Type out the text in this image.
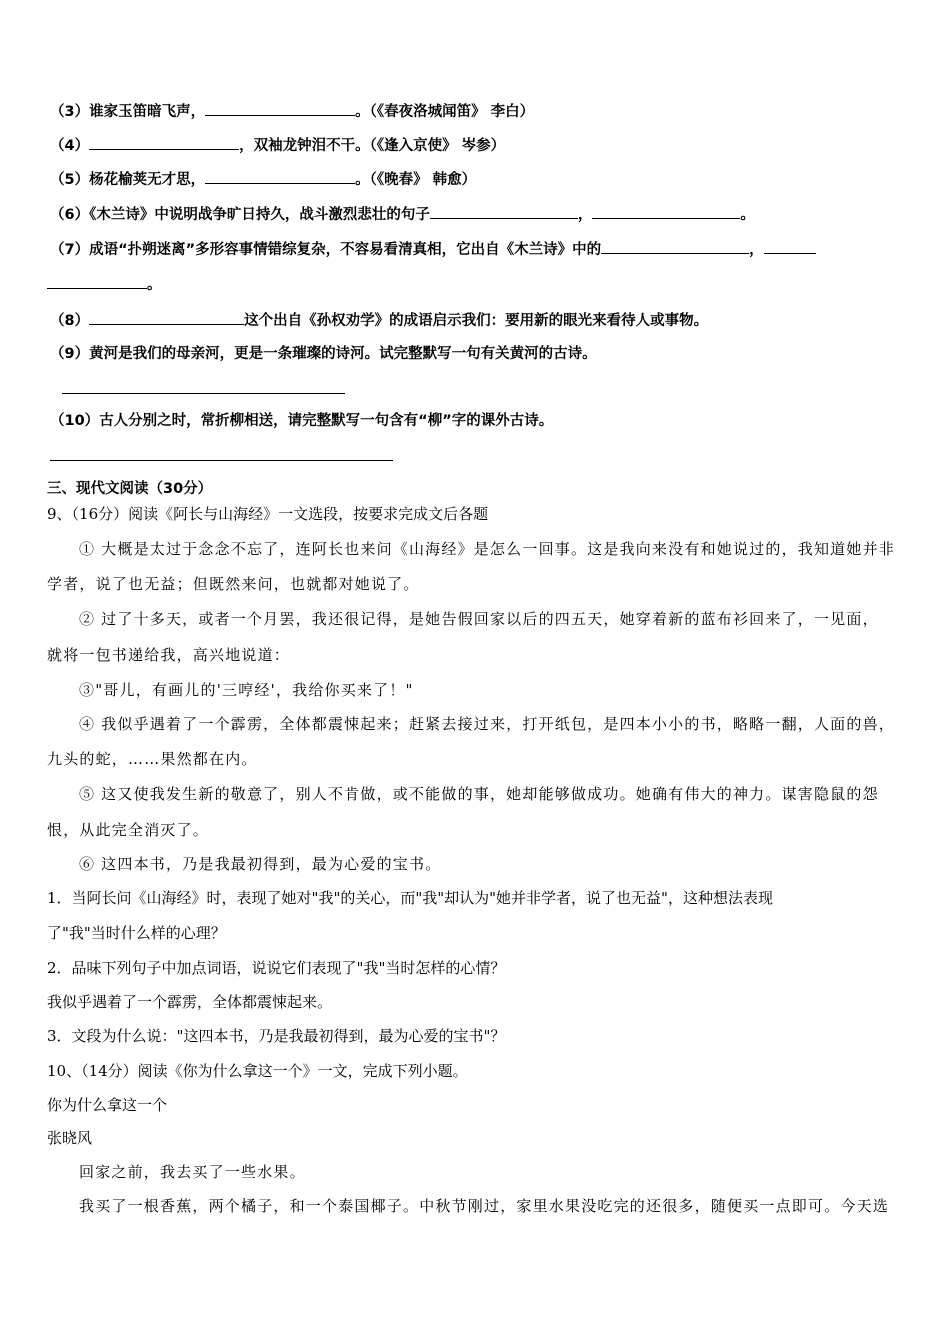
（3）谁家玉笛暗飞声，	。（《春夜洛城闻笛》 李白）
（4）	，双袖龙钟泪不干。（《逢入京使》 岑参）
（5）杨花榆荚无才思，	。（《晚春》 韩愈）
（6）《木兰诗》中说明战争旷日持久，战斗激烈悲壮的句子	，	。
（7）成语“扑朔迷离”多形容事情错综复杂，不容易看清真相，它出自《木兰诗》中的	，
。
（8）	这个出自《孙权劝学》的成语启示我们：要用新的眼光来看待人或事物。
（9）黄河是我们的母亲河，更是一条璀璨的诗河。试完整默写一句有关黄河的古诗。
（10）古人分别之时，常折柳相送，请完整默写一句含有“柳”字的课外古诗。
三、现代文阅读（30分）
9、（16分）阅读《阿长与山海经》一文选段，按要求完成文后各题
① 大概是太过于念念不忘了，连阿长也来问《山海经》是怎么一回事。这是我向来没有和她说过的，我知道她并非
学者，说了也无益；但既然来问，也就都对她说了。
② 过了十多天，或者一个月罢，我还很记得，是她告假回家以后的四五天，她穿着新的蓝布衫回来了，一见面，
就将一包书递给我，高兴地说道：
③"哥儿，有画儿的'三哼经'，我给你买来了！"
④ 我似乎遇着了一个霹雳，全体都震悚起来；赶紧去接过来，打开纸包，是四本小小的书，略略一翻，人面的兽，
九头的蛇，……果然都在内。
⑤ 这又使我发生新的敬意了，别人不肯做，或不能做的事，她却能够做成功。她确有伟大的神力。谋害隐鼠的怨
恨，从此完全消灭了。
⑥ 这四本书，乃是我最初得到，最为心爱的宝书。
1．当阿长问《山海经》时，表现了她对"我"的关心，而"我"却认为"她并非学者，说了也无益"，这种想法表现
了"我"当时什么样的心理？
2．品味下列句子中加点词语，说说它们表现了"我"当时怎样的心情？
我似乎遇着了一个霹雳，全体都震悚起来。
3．文段为什么说："这四本书，乃是我最初得到，最为心爱的宝书"？
10、（14分）阅读《你为什么拿这一个》一文，完成下列小题。
你为什么拿这一个
张晓风
回家之前，我去买了一些水果。
我买了一根香蕉，两个橘子，和一个泰国椰子。中秋节刚过，家里水果没吃完的还很多，随便买一点即可。今天选
